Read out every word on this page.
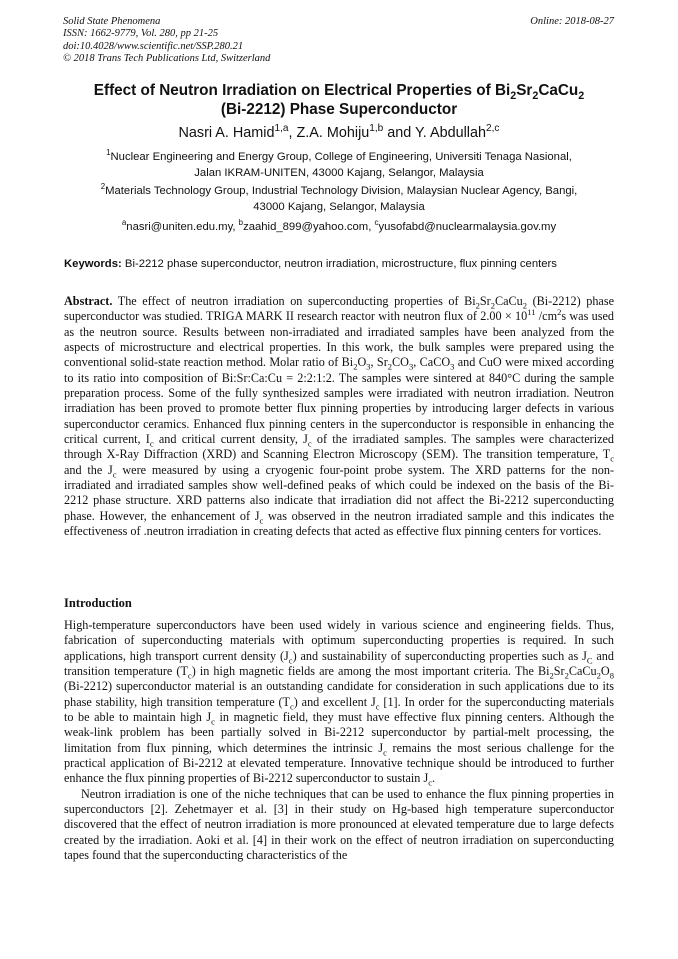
Solid State Phenomena
ISSN: 1662-9779, Vol. 280, pp 21-25
doi:10.4028/www.scientific.net/SSP.280.21
© 2018 Trans Tech Publications Ltd, Switzerland
Online: 2018-08-27
Effect of Neutron Irradiation on Electrical Properties of $Bi_2Sr_2CaCu_2$
(Bi-2212) Phase Superconductor
Nasri A. Hamid$^{1,a}$, Z.A. Mohiju$^{1,b}$ and Y. Abdullah$^{2,c}$
$^1$Nuclear Engineering and Energy Group, College of Engineering, Universiti Tenaga Nasional,
Jalan IKRAM-UNITEN, 43000 Kajang, Selangor, Malaysia
$^2$Materials Technology Group, Industrial Technology Division, Malaysian Nuclear Agency, Bangi,
43000 Kajang, Selangor, Malaysia
$^a$nasri@uniten.edu.my, $^b$zaahid_899@yahoo.com, $^c$yusofabd@nuclearmalaysia.gov.my
Keywords: Bi-2212 phase superconductor, neutron irradiation, microstructure, flux pinning centers
Abstract. The effect of neutron irradiation on superconducting properties of $Bi_2Sr_2CaCu_2$ (Bi-2212) phase superconductor was studied. TRIGA MARK II research reactor with neutron flux of $2.00 \times 10^{11}$ $/cm^2s$ was used as the neutron source. Results between non-irradiated and irradiated samples have been analyzed from the aspects of microstructure and electrical properties. In this work, the bulk samples were prepared using the conventional solid-state reaction method. Molar ratio of $Bi_2O_3$, $Sr_2CO_3$, CaCO$_3$ and CuO were mixed according to its ratio into composition of Bi:Sr:Ca:Cu = 2:2:1:2. The samples were sintered at 840°C during the sample preparation process. Some of the fully synthesized samples were irradiated with neutron irradiation. Neutron irradiation has been proved to promote better flux pinning properties by introducing larger defects in various superconductor ceramics. Enhanced flux pinning centers in the superconductor is responsible in enhancing the critical current, $I_c$ and critical current density, $J_c$ of the irradiated samples. The samples were characterized through X-Ray Diffraction (XRD) and Scanning Electron Microscopy (SEM). The transition temperature, $T_c$ and the $J_c$ were measured by using a cryogenic four-point probe system. The XRD patterns for the non-irradiated and irradiated samples show well-defined peaks of which could be indexed on the basis of the Bi-2212 phase structure. XRD patterns also indicate that irradiation did not affect the Bi-2212 superconducting phase. However, the enhancement of $J_c$ was observed in the neutron irradiated sample and this indicates the effectiveness of .neutron irradiation in creating defects that acted as effective flux pinning centers for vortices.
Introduction

High-temperature superconductors have been used widely in various science and engineering fields. Thus, fabrication of superconducting materials with optimum superconducting properties is required. In such applications, high transport current density $(J_c)$ and sustainability of superconducting properties such as $J_C$ and transition temperature $(T_c)$ in high magnetic fields are among the most important criteria. The $Bi_2Sr_2CaCu_2O_8$ (Bi-2212) superconductor material is an outstanding candidate for consideration in such applications due to its phase stability, high transition temperature $(T_c)$ and excellent $J_c$ [1]. In order for the superconducting materials to be able to maintain high $J_c$ in magnetic field, they must have effective flux pinning centers. Although the weak-link problem has been partially solved in Bi-2212 superconductor by partial-melt processing, the limitation from flux pinning, which determines the intrinsic $J_c$ remains the most serious challenge for the practical application of Bi-2212 at elevated temperature. Innovative technique should be introduced to further enhance the flux pinning properties of Bi-2212 superconductor to sustain $J_c$.

Neutron irradiation is one of the niche techniques that can be used to enhance the flux pinning properties in superconductors [2]. Zehetmayer et al. [3] in their study on Hg-based high temperature superconductor discovered that the effect of neutron irradiation is more pronounced at elevated temperature due to large defects created by the irradiation. Aoki et al. [4] in their work on the effect of neutron irradiation on superconducting tapes found that the superconducting characteristics of the
